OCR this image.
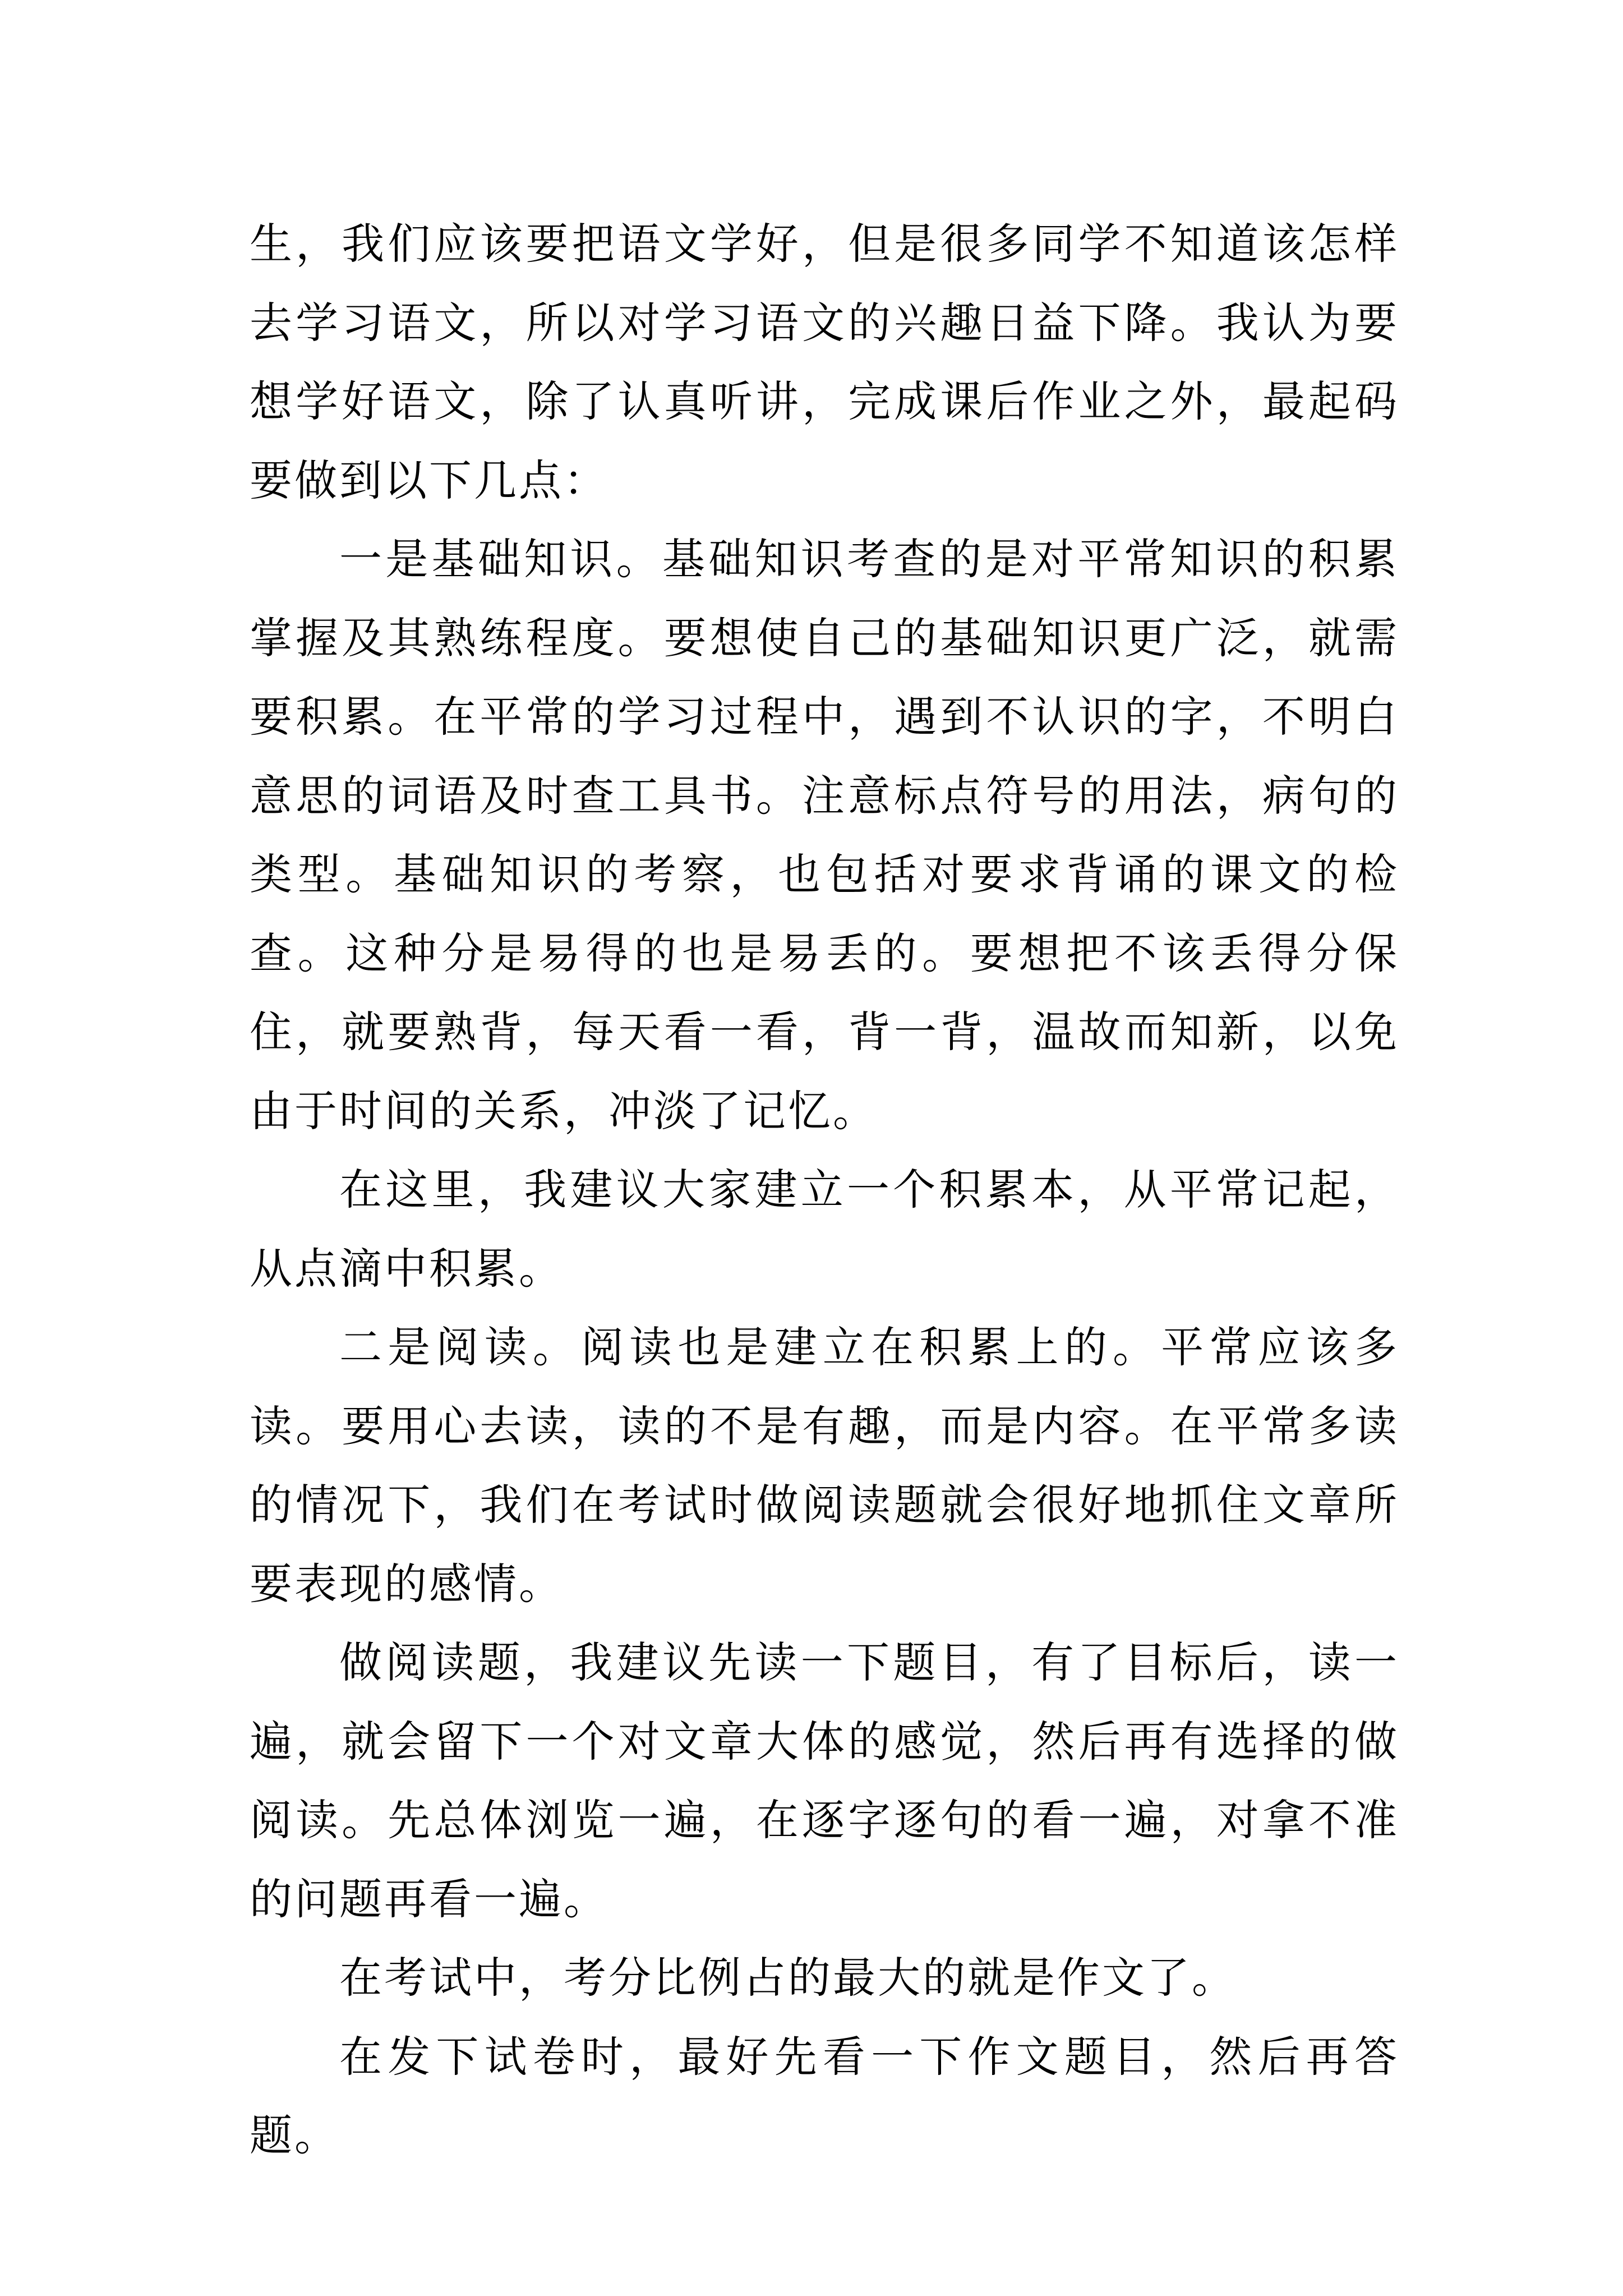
生，我们应该要把语文学好，但是很多同学不知道该怎样去学习语文，所以对学习语文的兴趣日益下降。我认为要想学好语文，除了认真听讲，完成课后作业之外，最起码要做到以下几点：

一是基础知识。基础知识考查的是对平常知识的积累掌握及其熟练程度。要想使自己的基础知识更广泛，就需要积累。在平常的学习过程中，遇到不认识的字，不明白意思的词语及时查工具书。注意标点符号的用法，病句的类型。基础知识的考察，也包括对要求背诵的课文的检查。这种分是易得的也是易丢的。要想把不该丢得分保住，就要熟背，每天看一看，背一背，温故而知新，以免由于时间的关系，冲淡了记忆。

在这里，我建议大家建立一个积累本，从平常记起，从点滴中积累。

二是阅读。阅读也是建立在积累上的。平常应该多读。要用心去读，读的不是有趣，而是内容。在平常多读的情况下，我们在考试时做阅读题就会很好地抓住文章所要表现的感情。

做阅读题，我建议先读一下题目，有了目标后，读一遍，就会留下一个对文章大体的感觉，然后再有选择的做阅读。先总体浏览一遍，在逐字逐句的看一遍，对拿不准的问题再看一遍。

在考试中，考分比例占的最大的就是作文了。

在发下试卷时，最好先看一下作文题目，然后再答题。
